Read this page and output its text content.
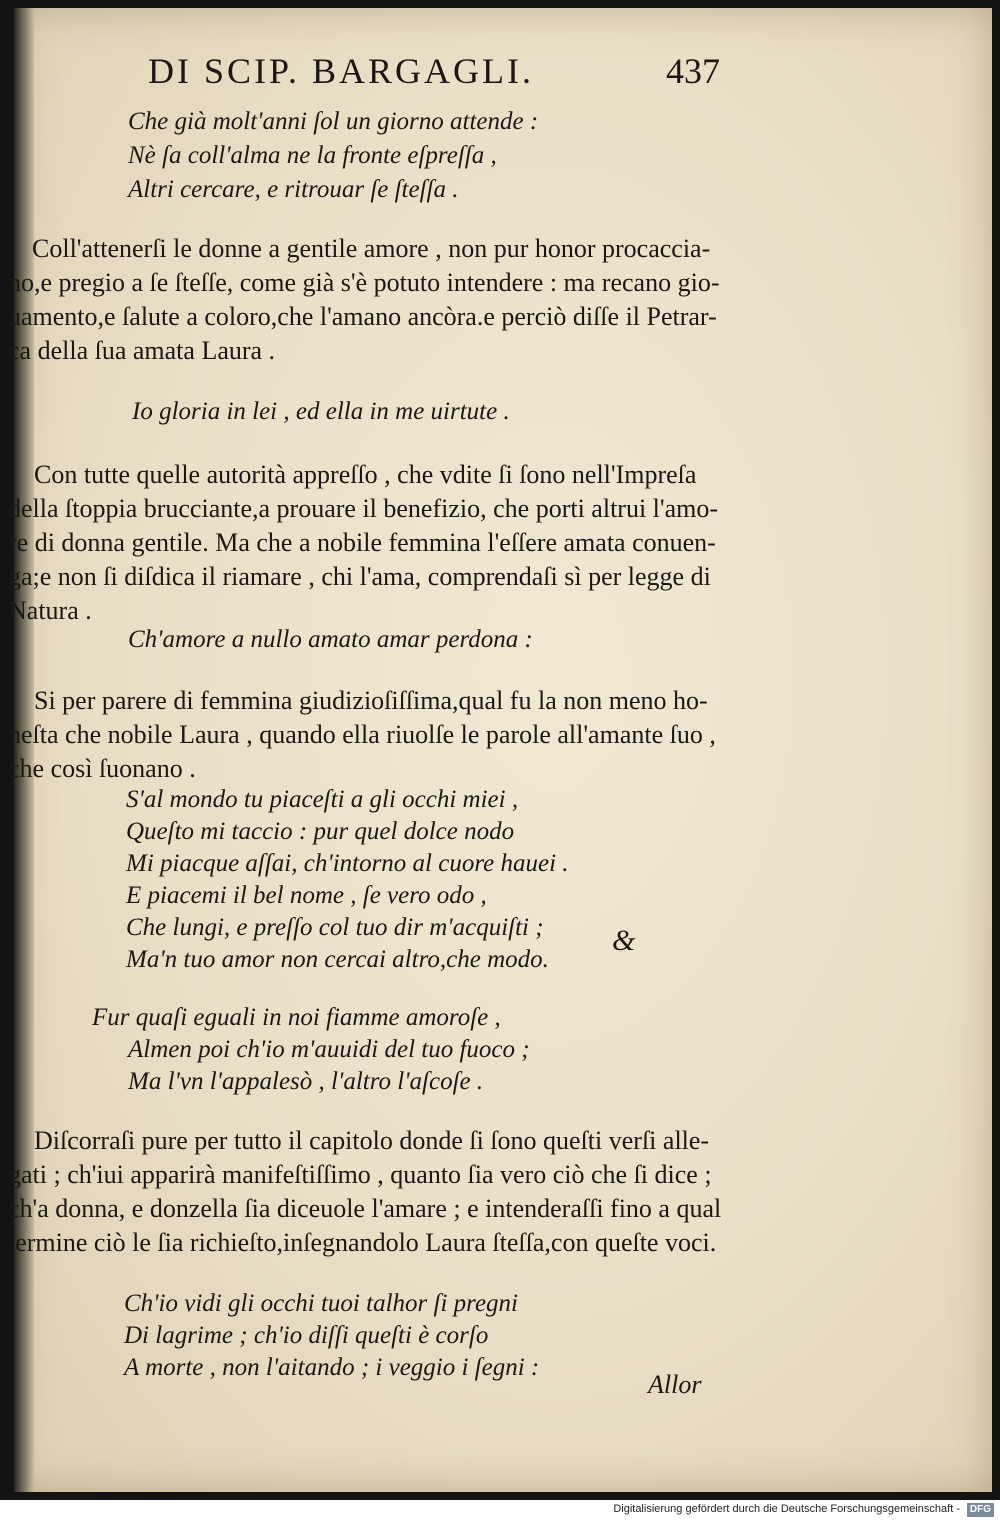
DI SCIP. BARGAGLI.	437
Che già molt'anni ſol un giorno attende :
Nè ſa coll'alma ne la fronte eſpreſſa ,
Altri cercare, e ritrouar ſe ſteſſa .
Coll'attenerſi le donne a gentile amore , non pur honor procaccia-
no,e pregio a ſe ſteſſe, come già s'è potuto intendere : ma recano gio-
uamento,e ſalute a coloro,che l'amano ancòra.e perciò diſſe il Petrar-
ca della ſua amata Laura .
Io gloria in lei , ed ella in me uirtute .
Con tutte quelle autorità appreſſo , che vdite ſi ſono nell'Impreſa
della ſtoppia brucciante,a prouare il benefizio, che porti altrui l'amo-
re di donna gentile. Ma che a nobile femmina l'eſſere amata conuen-
ga;e non ſi diſdica il riamare , chi l'ama, comprendaſi sì per legge di
Natura .
Ch'amore a nullo amato amar perdona :
Si per parere di femmina giudizioſiſſima,qual fu la non meno ho-
neſta che nobile Laura , quando ella riuolſe le parole all'amante ſuo ,
che così ſuonano .
S'al mondo tu piaceſti a gli occhi miei ,
Queſto mi taccio : pur quel dolce nodo
Mi piacque aſſai, ch'intorno al cuore hauei .
E piacemi il bel nome , ſe vero odo ,
Che lungi, e preſſo col tuo dir m'acquiſti ;
Ma'n tuo amor non cercai altro,che modo.
&
Fur quaſi eguali in noi fiamme amoroſe ,
Almen poi ch'io m'auuidi del tuo fuoco ;
Ma l'vn l'appalesò , l'altro l'aſcoſe .
Diſcorraſi pure per tutto il capitolo donde ſi ſono queſti verſi alle-
gati ; ch'iui apparirà manifeſtiſſimo , quanto ſia vero ciò che ſi dice ;
ch'a donna, e donzella ſia diceuole l'amare ; e intenderaſſi fino a qual
termine ciò le ſia richieſto,inſegnandolo Laura ſteſſa,con queſte voci.
Ch'io vidi gli occhi tuoi talhor ſi pregni
Di lagrime ; ch'io diſſi queſti è corſo
A morte , non l'aitando ; i veggio i ſegni :
Allor
Digitalisierung gefördert durch die Deutsche Forschungsgemeinschaft - DFG
